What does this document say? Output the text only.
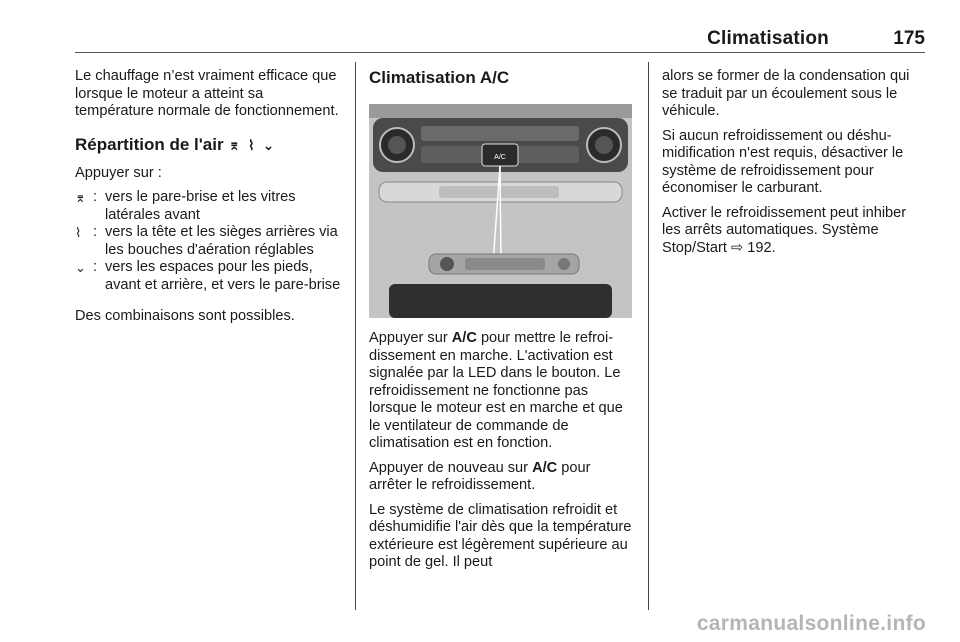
Climatisation	175

Le chauffage n’est vraiment efficace que lorsque le moteur a atteint sa température normale de fonctionnement.

Répartition de l'air ⌆ ⌇ ⌄

Appuyer sur :

⌆ : vers le pare-brise et les vitres latérales avant
⌇ : vers la tête et les sièges arrières via les bouches d'aération réglables
⌄ : vers les espaces pour les pieds, avant et arrière, et vers le pare-brise

Des combinaisons sont possibles.

Climatisation A/C
A/C

Appuyer sur A/C pour mettre le refroidissement en marche. L'activation est signalée par la LED dans le bouton. Le refroidissement ne fonctionne pas lorsque le moteur est en marche et que le ventilateur de commande de climatisation est en fonction.

Appuyer de nouveau sur A/C pour arrêter le refroidissement.

Le système de climatisation refroidit et déshumidifie l'air dès que la température extérieure est légèrement supérieure au point de gel. Il peut

alors se former de la condensation qui se traduit par un écoulement sous le véhicule.

Si aucun refroidissement ou déshumidification n'est requis, désactiver le système de refroidissement pour économiser le carburant.

Activer le refroidissement peut inhiber les arrêts automatiques. Système Stop/Start ⇨ 192.

carmanualsonline.info
